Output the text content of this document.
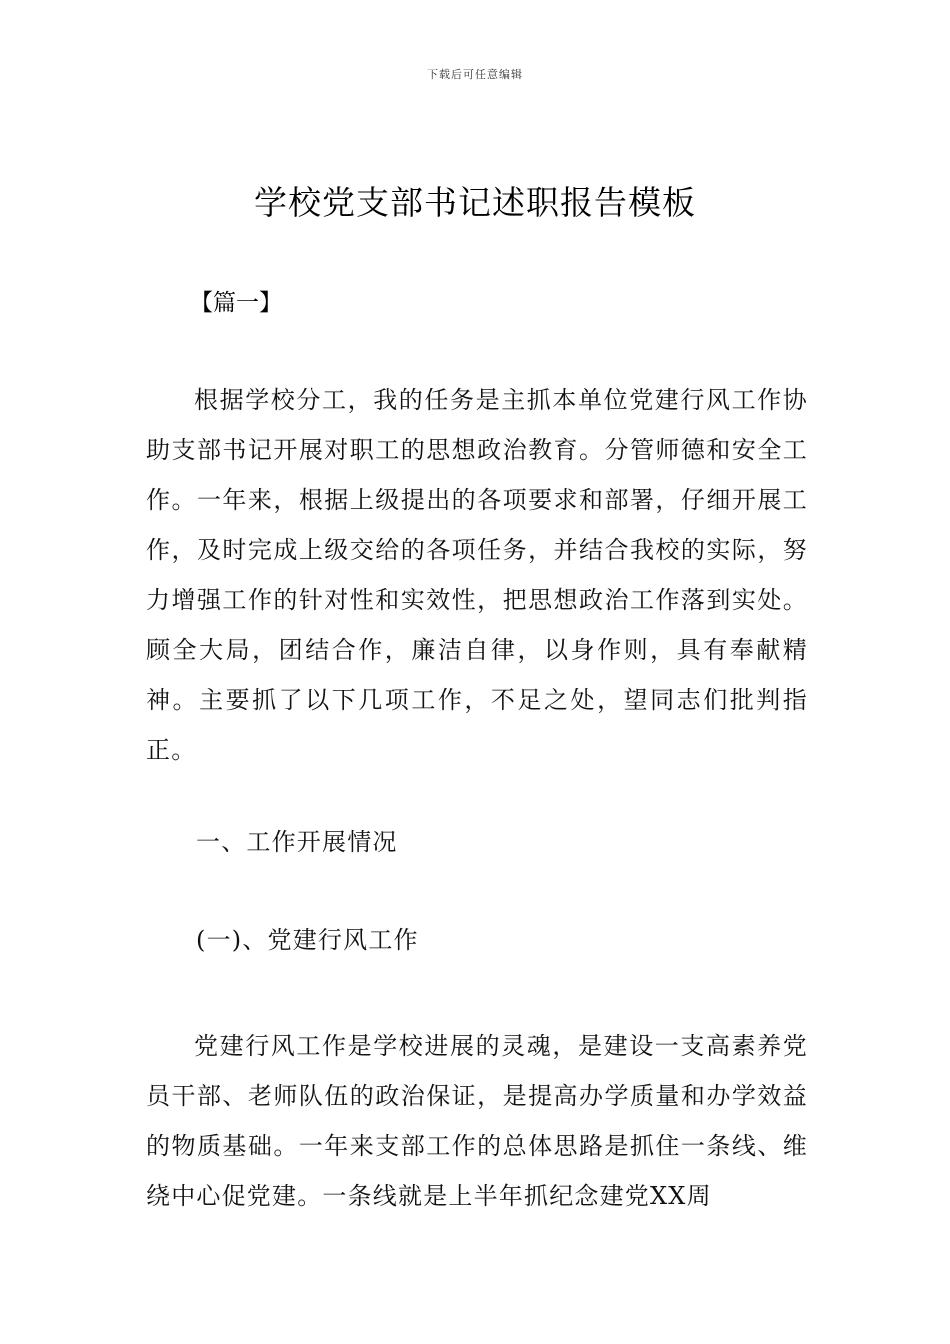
下载后可任意编辑
学校党支部书记述职报告模板
【篇一】

根据学校分工，我的任务是主抓本单位党建行风工作协助支部书记开展对职工的思想政治教育。分管师德和安全工作。一年来，根据上级提出的各项要求和部署，仔细开展工作，及时完成上级交给的各项任务，并结合我校的实际，努力增强工作的针对性和实效性，把思想政治工作落到实处。顾全大局，团结合作，廉洁自律，以身作则，具有奉献精神。主要抓了以下几项工作，不足之处，望同志们批判指正。

一、工作开展情况
(一)、党建行风工作

党建行风工作是学校进展的灵魂，是建设一支高素养党员干部、老师队伍的政治保证，是提高办学质量和办学效益的物质基础。一年来支部工作的总体思路是抓住一条线、维绕中心促党建。一条线就是上半年抓纪念建党XX周
